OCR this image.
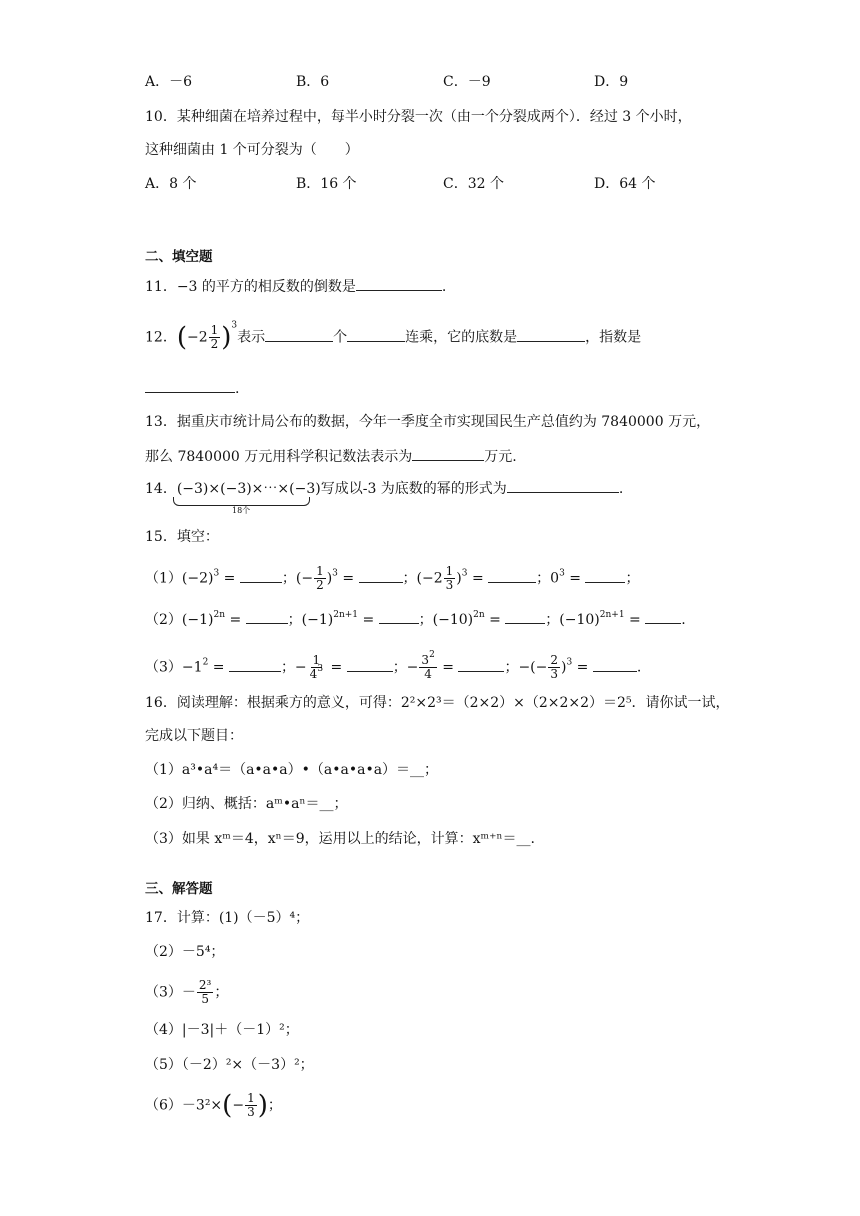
A．－6	B．6	C．－9	D．9
10．某种细菌在培养过程中，每半小时分裂一次（由一个分裂成两个）．经过 3 个小时，
这种细菌由 1 个可分裂为（　　）
A．8 个	B．16 个	C．32 个	D．64 个
二、填空题
11．−3 的平方的相反数的倒数是	.
12．$(-2 \frac{1}{2} )^3$表示	个	连乘，它的底数是	，指数是
.
13．据重庆市统计局公布的数据，今年一季度全市实现国民生产总值约为 7840000 万元，
那么 7840000 万元用科学积记数法表示为	万元.
14．(−3)×(−3)×⋯×(−3)写成以-3 为底数的幂的形式为	.
18个
15．填空：
$(1)(-2)^3$ =	；(− $\frac{1}{2} )^3$ =	；$(-2 \frac{1}{3} )^3$ =	；$0^3$ =	；
$(2)(-1)^{2n}$ =	；$(-1)^{2n+1}$ =	；$(-10)^{2n}$ =	；$(-10)^{2n+1}$ =	.
$(3)-1^2$ =	；− $\frac{1}{4^3}$ =	；− $\frac{3^2}{4}$ =	；−(− $\frac{2}{3} )^3$ =	.
16．阅读理解：根据乘方的意义，可得：2²×2³＝（2×2）×（2×2×2）＝2⁵．请你试一试，
完成以下题目：
（1）a³•a⁴＝（a•a•a）•（a•a•a•a）＝__；
（2）归纳、概括：aᵐ•aⁿ＝__；
（3）如果 xᵐ＝4，xⁿ＝9，运用以上的结论，计算：xᵐ⁺ⁿ＝__.
三、解答题
17．计算：(1)（－5）⁴；
（2）－5⁴；
$(3)- \frac{\text{2³}}{5}$ ；
（4）|－3|＋（－1）²；
（5）（－2）²×（－3）²；
$(6)-3^2\times(- \frac{1}{3}$ )；
